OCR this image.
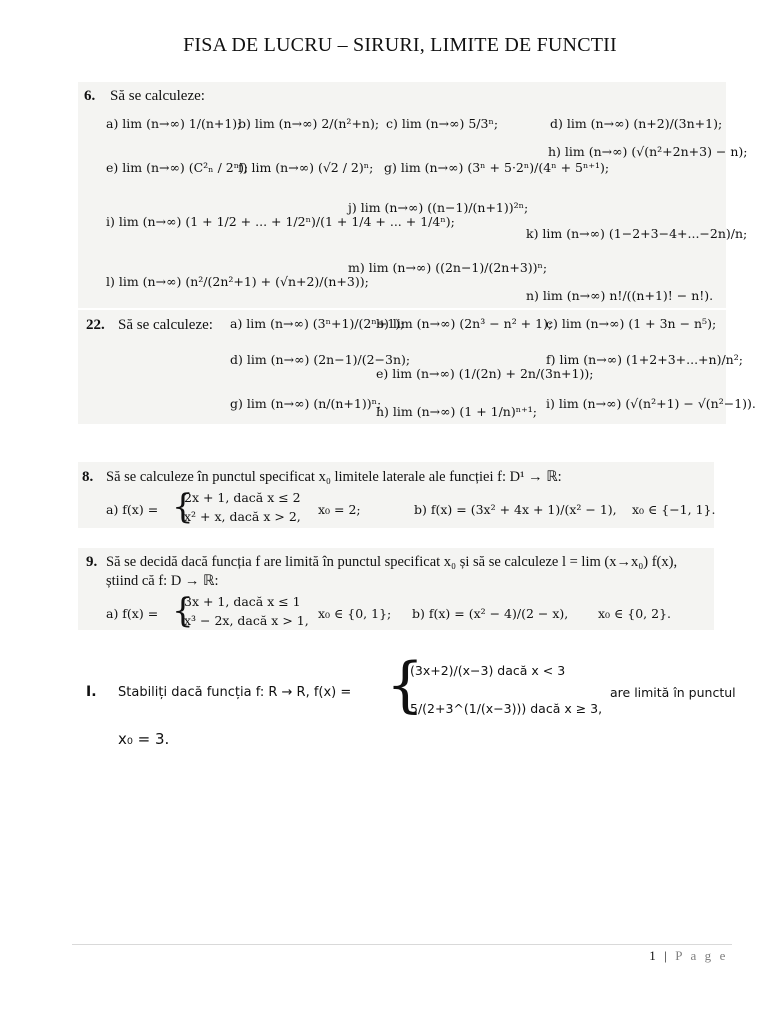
FISA DE LUCRU – SIRURI, LIMITE DE FUNCTII
6. Să se calculeze:
a) lim (n→∞) 1/(n+1);
b) lim (n→∞) 2/(n²+n); c) lim (n→∞) 5/3ⁿ;	d) lim (n→∞) (n+2)/(3n+1);
e) lim (n→∞) (C²ₙ / 2ⁿ);
f) lim (n→∞) (√2 / 2)ⁿ; g) lim (n→∞) (3ⁿ + 5·2ⁿ)/(4ⁿ + 5ⁿ⁺¹);
h) lim (n→∞) (√(n²+2n+3) − n);
i) lim (n→∞) (1 + 1/2 + ... + 1/2ⁿ)/(1 + 1/4 + ... + 1/4ⁿ);
j) lim (n→∞) ((n−1)/(n+1))²ⁿ;
k) lim (n→∞) (1−2+3−4+...−2n)/n;
l) lim (n→∞) (n²/(2n²+1) + (√n+2)/(n+3));
m) lim (n→∞) ((2n−1)/(2n+3))ⁿ;
n) lim (n→∞) n!/((n+1)! − n!).
22. Să se calculeze: a) lim (n→∞) (3ⁿ+1)/(2ⁿ+1);
b) lim (n→∞) (2n³ − n² + 1);
c) lim (n→∞) (1 + 3n − n⁵);
d) lim (n→∞) (2n−1)/(2−3n);
e) lim (n→∞) (1/(2n) + 2n/(3n+1));
f) lim (n→∞) (1+2+3+...+n)/n²;
g) lim (n→∞) (n/(n+1))ⁿ;
h) lim (n→∞) (1 + 1/n)ⁿ⁺¹;
i) lim (n→∞) (√(n²+1) − √(n²−1)).
8. Să se calculeze în punctul specificat x₀ limitele laterale ale funcției f: D¹ → ℝ:
a) f(x) = {
2x + 1, dacă x ≤ 2
x² + x, dacă x > 2, x₀ = 2;	b) f(x) = (3x² + 4x + 1)/(x² − 1), x₀ ∈ {−1, 1}.
9. Să se decidă dacă funcția f are limită în punctul specificat x₀ și să se calculeze l = lim (x→x₀) f(x),
știind că f: D → ℝ:
a) f(x) = {
3x + 1, dacă x ≤ 1
x³ − 2x, dacă x > 1, x₀ ∈ {0, 1}; b) f(x) = (x² − 4)/(2 − x), x₀ ∈ {0, 2}.
I. Stabiliți dacă funcția f: R → R, f(x) = {
(3x+2)/(x−3) dacă x < 3
5/(2+3^(1/(x−3))) dacă x ≥ 3,
are limită în punctul
x₀ = 3.
1 | P a g e
